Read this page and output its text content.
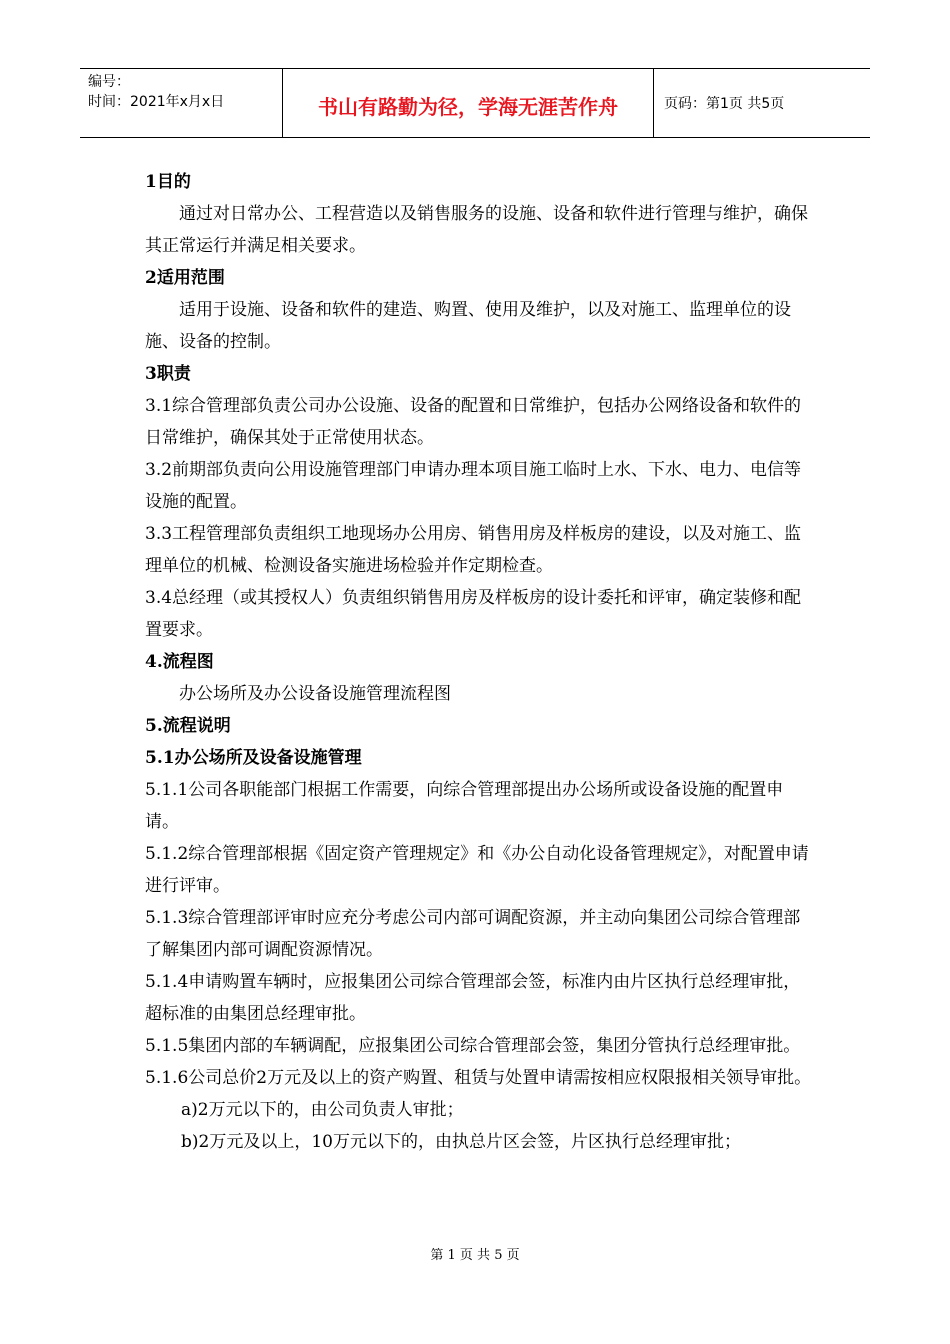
编号：
时间：2021年x月x日	书山有路勤为径，学海无涯苦作舟	页码：第1页 共5页
1目的
通过对日常办公、工程营造以及销售服务的设施、设备和软件进行管理与维护，确保其正常运行并满足相关要求。
2适用范围
适用于设施、设备和软件的建造、购置、使用及维护，以及对施工、监理单位的设施、设备的控制。
3职责
3.1综合管理部负责公司办公设施、设备的配置和日常维护，包括办公网络设备和软件的日常维护，确保其处于正常使用状态。
3.2前期部负责向公用设施管理部门申请办理本项目施工临时上水、下水、电力、电信等设施的配置。
3.3工程管理部负责组织工地现场办公用房、销售用房及样板房的建设，以及对施工、监理单位的机械、检测设备实施进场检验并作定期检查。
3.4总经理（或其授权人）负责组织销售用房及样板房的设计委托和评审，确定装修和配置要求。
4.流程图
办公场所及办公设备设施管理流程图
5.流程说明
5.1办公场所及设备设施管理
5.1.1公司各职能部门根据工作需要，向综合管理部提出办公场所或设备设施的配置申请。
5.1.2综合管理部根据《固定资产管理规定》和《办公自动化设备管理规定》，对配置申请进行评审。
5.1.3综合管理部评审时应充分考虑公司内部可调配资源，并主动向集团公司综合管理部了解集团内部可调配资源情况。
5.1.4申请购置车辆时，应报集团公司综合管理部会签，标准内由片区执行总经理审批，超标准的由集团总经理审批。
5.1.5集团内部的车辆调配，应报集团公司综合管理部会签，集团分管执行总经理审批。
5.1.6公司总价2万元及以上的资产购置、租赁与处置申请需按相应权限报相关领导审批。
a)2万元以下的，由公司负责人审批；
b)2万元及以上，10万元以下的，由执总片区会签，片区执行总经理审批；
第 1 页 共 5 页
